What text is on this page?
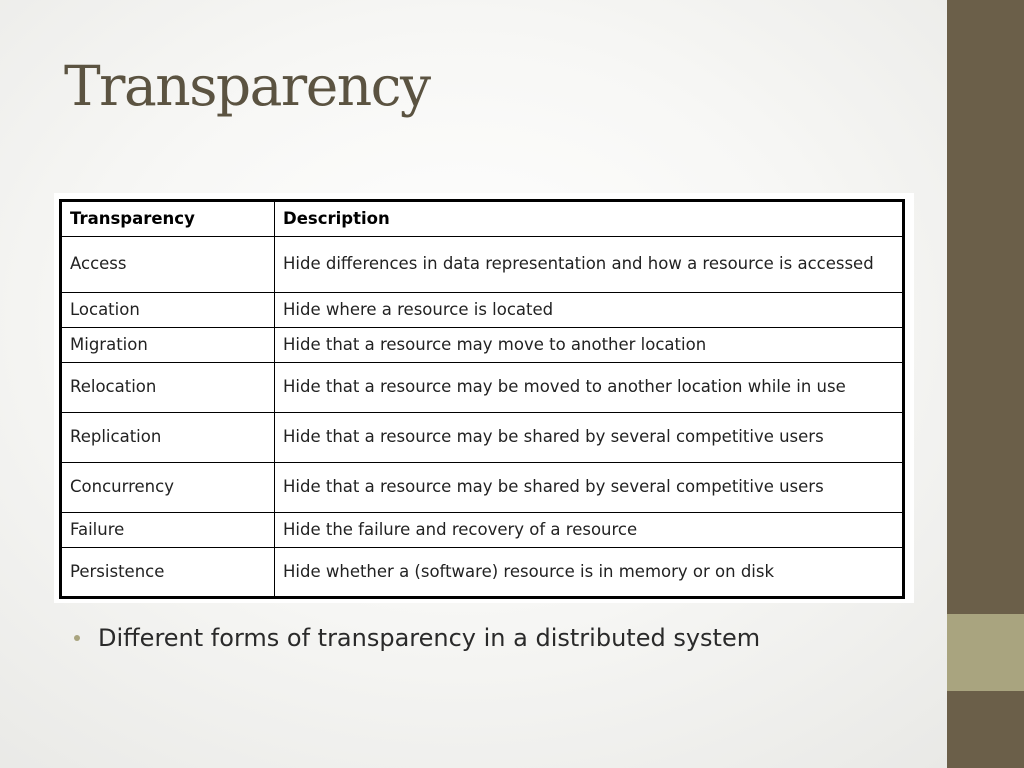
Transparency
Transparency	Description
Access	Hide differences in data representation and how a resource is accessed
Location	Hide where a resource is located
Migration	Hide that a resource may move to another location
Relocation	Hide that a resource may be moved to another location while in use
Replication	Hide that a resource may be shared by several competitive users
Concurrency	Hide that a resource may be shared by several competitive users
Failure	Hide the failure and recovery of a resource
Persistence	Hide whether a (software) resource is in memory or on disk
Different forms of transparency in a distributed system
